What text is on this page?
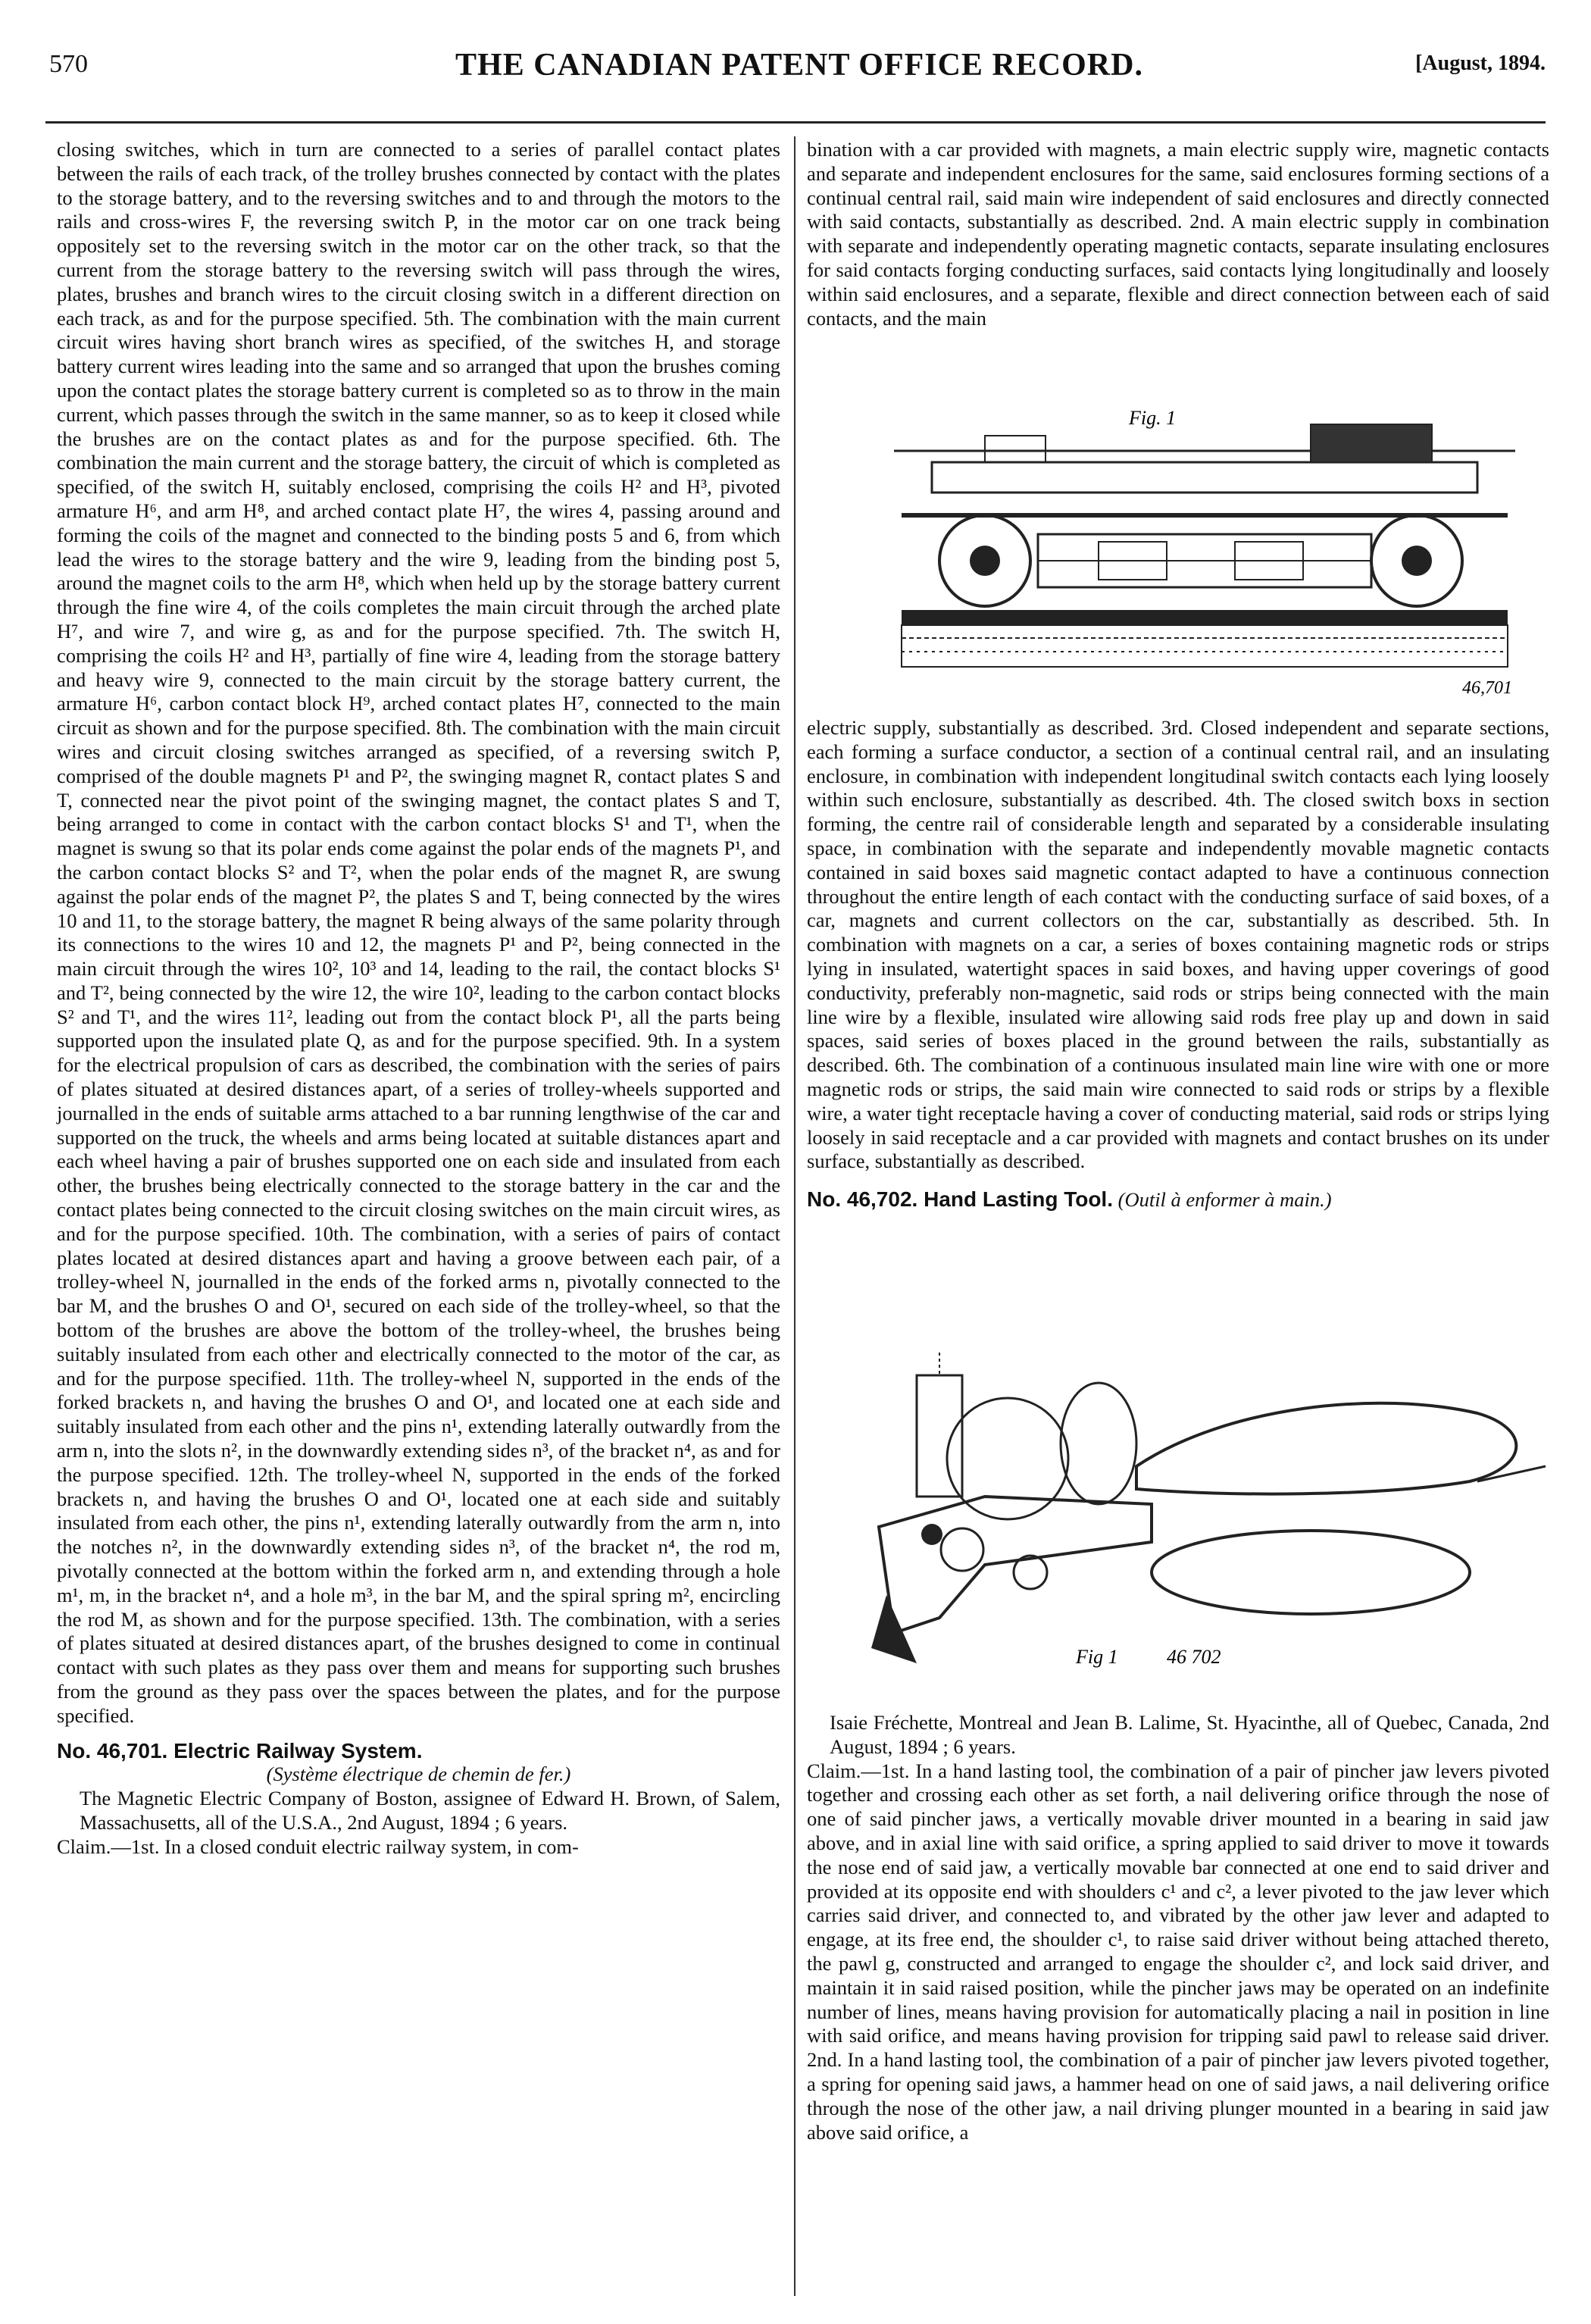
570	THE CANADIAN PATENT OFFICE RECORD.	[August, 1894.

closing switches, which in turn are connected to a series of parallel contact plates between the rails of each track, of the trolley brushes connected by contact with the plates to the storage battery, and to the reversing switches and to and through the motors to the rails and cross-wires F, the reversing switch P, in the motor car on one track being oppositely set to the reversing switch in the motor car on the other track, so that the current from the storage battery to the reversing switch will pass through the wires, plates, brushes and branch wires to the circuit closing switch in a different direction on each track, as and for the purpose specified. 5th. The combination with the main current circuit wires having short branch wires as specified, of the switches H, and storage battery current wires leading into the same and so arranged that upon the brushes coming upon the contact plates the storage battery current is completed so as to throw in the main current, which passes through the switch in the same manner, so as to keep it closed while the brushes are on the contact plates as and for the purpose specified. 6th. The combination the main current and the storage battery, the circuit of which is completed as specified, of the switch H, suitably enclosed, comprising the coils H² and H³, pivoted armature H⁶, and arm H⁸, and arched contact plate H⁷, the wires 4, passing around and forming the coils of the magnet and connected to the binding posts 5 and 6, from which lead the wires to the storage battery and the wire 9, leading from the binding post 5, around the magnet coils to the arm H⁸, which when held up by the storage battery current through the fine wire 4, of the coils completes the main circuit through the arched plate H⁷, and wire 7, and wire g, as and for the purpose specified. 7th. The switch H, comprising the coils H² and H³, partially of fine wire 4, leading from the storage battery and heavy wire 9, connected to the main circuit by the storage battery current, the armature H⁶, carbon contact block H⁹, arched contact plates H⁷, connected to the main circuit as shown and for the purpose specified. 8th. The combination with the main circuit wires and circuit closing switches arranged as specified, of a reversing switch P, comprised of the double magnets P¹ and P², the swinging magnet R, contact plates S and T, connected near the pivot point of the swinging magnet, the contact plates S and T, being arranged to come in contact with the carbon contact blocks S¹ and T¹, when the magnet is swung so that its polar ends come against the polar ends of the magnets P¹, and the carbon contact blocks S² and T², when the polar ends of the magnet R, are swung against the polar ends of the magnet P², the plates S and T, being connected by the wires 10 and 11, to the storage battery, the magnet R being always of the same polarity through its connections to the wires 10 and 12, the magnets P¹ and P², being connected in the main circuit through the wires 10², 10³ and 14, leading to the rail, the contact blocks S¹ and T², being connected by the wire 12, the wire 10², leading to the carbon contact blocks S² and T¹, and the wires 11², leading out from the contact block P¹, all the parts being supported upon the insulated plate Q, as and for the purpose specified. 9th. In a system for the electrical propulsion of cars as described, the combination with the series of pairs of plates situated at desired distances apart, of a series of trolley-wheels supported and journalled in the ends of suitable arms attached to a bar running lengthwise of the car and supported on the truck, the wheels and arms being located at suitable distances apart and each wheel having a pair of brushes supported one on each side and insulated from each other, the brushes being electrically connected to the storage battery in the car and the contact plates being connected to the circuit closing switches on the main circuit wires, as and for the purpose specified. 10th. The combination, with a series of pairs of contact plates located at desired distances apart and having a groove between each pair, of a trolley-wheel N, journalled in the ends of the forked arms n, pivotally connected to the bar M, and the brushes O and O¹, secured on each side of the trolley-wheel, so that the bottom of the brushes are above the bottom of the trolley-wheel, the brushes being suitably insulated from each other and electrically connected to the motor of the car, as and for the purpose specified. 11th. The trolley-wheel N, supported in the ends of the forked brackets n, and having the brushes O and O¹, and located one at each side and suitably insulated from each other and the pins n¹, extending laterally outwardly from the arm n, into the slots n², in the downwardly extending sides n³, of the bracket n⁴, as and for the purpose specified. 12th. The trolley-wheel N, supported in the ends of the forked brackets n, and having the brushes O and O¹, located one at each side and suitably insulated from each other, the pins n¹, extending laterally outwardly from the arm n, into the notches n², in the downwardly extending sides n³, of the bracket n⁴, the rod m, pivotally connected at the bottom within the forked arm n, and extending through a hole m¹, m, in the bracket n⁴, and a hole m³, in the bar M, and the spiral spring m², encircling the rod M, as shown and for the purpose specified. 13th. The combination, with a series of plates situated at desired distances apart, of the brushes designed to come in continual contact with such plates as they pass over them and means for supporting such brushes from the ground as they pass over the spaces between the plates, and for the purpose specified.

No. 46,701. Electric Railway System.

(Système électrique de chemin de fer.)

The Magnetic Electric Company of Boston, assignee of Edward H. Brown, of Salem, Massachusetts, all of the U.S.A., 2nd August, 1894 ; 6 years.

Claim.—1st. In a closed conduit electric railway system, in com-

bination with a car provided with magnets, a main electric supply wire, magnetic contacts and separate and independent enclosures for the same, said enclosures forming sections of a continual central rail, said main wire independent of said enclosures and directly connected with said contacts, substantially as described. 2nd. A main electric supply in combination with separate and independently operating magnetic contacts, separate insulating enclosures for said contacts forging conducting surfaces, said contacts lying longitudinally and loosely within said enclosures, and a separate, flexible and direct connection between each of said contacts, and the main

Fig. 1
46,701

electric supply, substantially as described. 3rd. Closed independent and separate sections, each forming a surface conductor, a section of a continual central rail, and an insulating enclosure, in combination with independent longitudinal switch contacts each lying loosely within such enclosure, substantially as described. 4th. The closed switch boxs in section forming, the centre rail of considerable length and separated by a considerable insulating space, in combination with the separate and independently movable magnetic contacts contained in said boxes said magnetic contact adapted to have a continuous connection throughout the entire length of each contact with the conducting surface of said boxes, of a car, magnets and current collectors on the car, substantially as described. 5th. In combination with magnets on a car, a series of boxes containing magnetic rods or strips lying in insulated, watertight spaces in said boxes, and having upper coverings of good conductivity, preferably non-magnetic, said rods or strips being connected with the main line wire by a flexible, insulated wire allowing said rods free play up and down in said spaces, said series of boxes placed in the ground between the rails, substantially as described. 6th. The combination of a continuous insulated main line wire with one or more magnetic rods or strips, the said main wire connected to said rods or strips by a flexible wire, a water tight receptacle having a cover of conducting material, said rods or strips lying loosely in said receptacle and a car provided with magnets and contact brushes on its under surface, substantially as described.

No. 46,702. Hand Lasting Tool. (Outil à enformer à main.)

Fig 1 46 702

Isaie Fréchette, Montreal and Jean B. Lalime, St. Hyacinthe, all of Quebec, Canada, 2nd August, 1894 ; 6 years.

Claim.—1st. In a hand lasting tool, the combination of a pair of pincher jaw levers pivoted together and crossing each other as set forth, a nail delivering orifice through the nose of one of said pincher jaws, a vertically movable driver mounted in a bearing in said jaw above, and in axial line with said orifice, a spring applied to said driver to move it towards the nose end of said jaw, a vertically movable bar connected at one end to said driver and provided at its opposite end with shoulders c¹ and c², a lever pivoted to the jaw lever which carries said driver, and connected to, and vibrated by the other jaw lever and adapted to engage, at its free end, the shoulder c¹, to raise said driver without being attached thereto, the pawl g, constructed and arranged to engage the shoulder c², and lock said driver, and maintain it in said raised position, while the pincher jaws may be operated on an indefinite number of lines, means having provision for automatically placing a nail in position in line with said orifice, and means having provision for tripping said pawl to release said driver. 2nd. In a hand lasting tool, the combination of a pair of pincher jaw levers pivoted together, a spring for opening said jaws, a hammer head on one of said jaws, a nail delivering orifice through the nose of the other jaw, a nail driving plunger mounted in a bearing in said jaw above said orifice, a
